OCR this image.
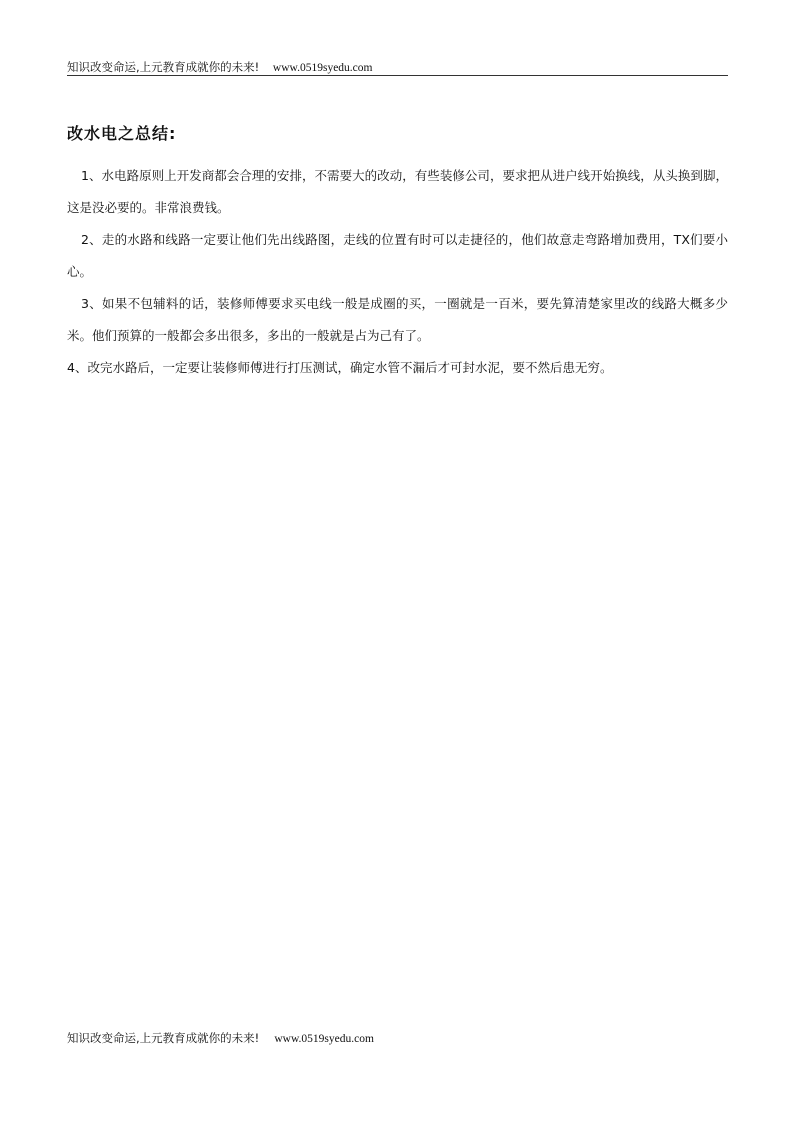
知识改变命运,上元教育成就你的未来! www.0519syedu.com
改水电之总结:

1、水电路原则上开发商都会合理的安排，不需要大的改动，有些装修公司，要求把从进户线开始换线，从头换到脚，这是没必要的。非常浪费钱。

2、走的水路和线路一定要让他们先出线路图，走线的位置有时可以走捷径的，他们故意走弯路增加费用，TX们要小心。

3、如果不包辅料的话，装修师傅要求买电线一般是成圈的买，一圈就是一百米，要先算清楚家里改的线路大概多少米。他们预算的一般都会多出很多，多出的一般就是占为己有了。

4、改完水路后，一定要让装修师傅进行打压测试，确定水管不漏后才可封水泥，要不然后患无穷。

知识改变命运,上元教育成就你的未来! www.0519syedu.com
